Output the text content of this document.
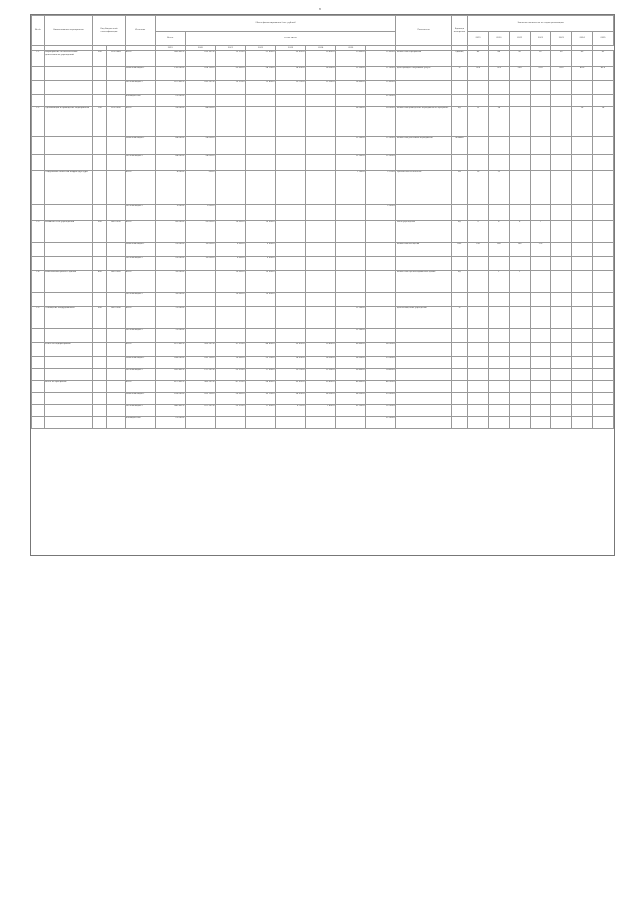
8
№ п/п	Наименование мероприятия	Код бюджетной классификации		Источник	Объем финансирования (тыс. рублей)								Показатель	Единица измерения	Значения показателя по годам реализации						
					Всего	в том числе									2019	2020	2021	2022	2023	2024	2025
					2019	2020	2021	2022	2023	2024	2025										
1.1	Мероприятие по обеспечению деятельности учреждений	200	0702 0409	всего	345 432,0	290 357,8	12 274,0	21 600,0	25 050,0	15 400,0	19 800,0	12 800,0	Количество мероприятий	единиц	45	48	50	52	55	60	62
				областной бюджет	116 000,0	108 100,0	92 000,0	24 100,0	18 300,0	14 000,0	12 500,0	11 000,0	Доля граждан, получивших услуги	%	70,0	72,0	74,0	76,0	78,0	80,0	82,0
				местный бюджет	207 432,0	182 257,8	13 274,0	12 400,0	10 750,0	12 000,0	14 800,0	12 800,0									
				внебюджетные	22 000,0							22 000,0									
1.2	Организация и проведение мероприятий	100	0702 0410	всего	96 000,0	48 000,0					24 000,0	24 000,0	Количество проведенных мероприятий по программе	ед.	12	14				16	18
				областной бюджет	48 000,0	24 000,0					12 000,0	12 000,0	Количество участников мероприятий	человек							
				местный бюджет	48 000,0	24 000,0					12 000,0	12 000,0									
	Содержание объектов инфраструктуры			всего	4 000,0	900,0					1 000,0	2 100,0	Протяженность объектов	км	10	12					
				местный бюджет	3 000,0	1 000,0						2 000,0									
1.3	Развитие сети учреждений	300	0801 0010	всего	40 000,0	20 000,0	10 000,0	10 000,0					Число учреждений	ед.	5	6	6	7			
				областной бюджет	20 000,0	10 000,0	5 000,0	5 000,0					Количество посещений	тыс.	150	160	165	170			
				местный бюджет	20 000,0	10 000,0	5 000,0	5 000,0													
1.4	Капитальный ремонт зданий	400	0801 0020	всего	30 000,0		15 000,0	15 000,0					Количество отремонтированных зданий	ед.		1	1				
				местный бюджет	30 000,0		15 000,0	15 000,0													
1.5	Оснащение оборудованием	500	0801 0030	всего	12 000,0						12 000,0		Доля оснащенных учреждений	%							
				местный бюджет	12 000,0						12 000,0										
	Итого по подпрограмме			всего	527 432,0	359 257,8	37 274,0	46 600,0	25 050,0	15 400,0	56 800,0	38 900,0									
				областной бюджет	184 000,0	142 100,0	15 000,0	29 100,0	18 300,0	14 000,0	24 500,0	23 000,0									
				местный бюджет	320 432,0	217 257,8	22 274,0	17 500,0	10 750,0	12 000,0	26 800,0	14 800,0									
	Всего по программе			всего	627 432,0	389 257,8	47 274,0	56 600,0	35 050,0	25 400,0	66 800,0	48 900,0									
				областной бюджет	224 000,0	162 100,0	25 000,0	39 100,0	28 300,0	24 000,0	34 500,0	33 000,0									
				местный бюджет	380 432,0	227 257,8	22 274,0	17 500,0	6 750,0	1 400,0	32 300,0	15 900,0									
				внебюджетные	22 000,0							22 000,0									
